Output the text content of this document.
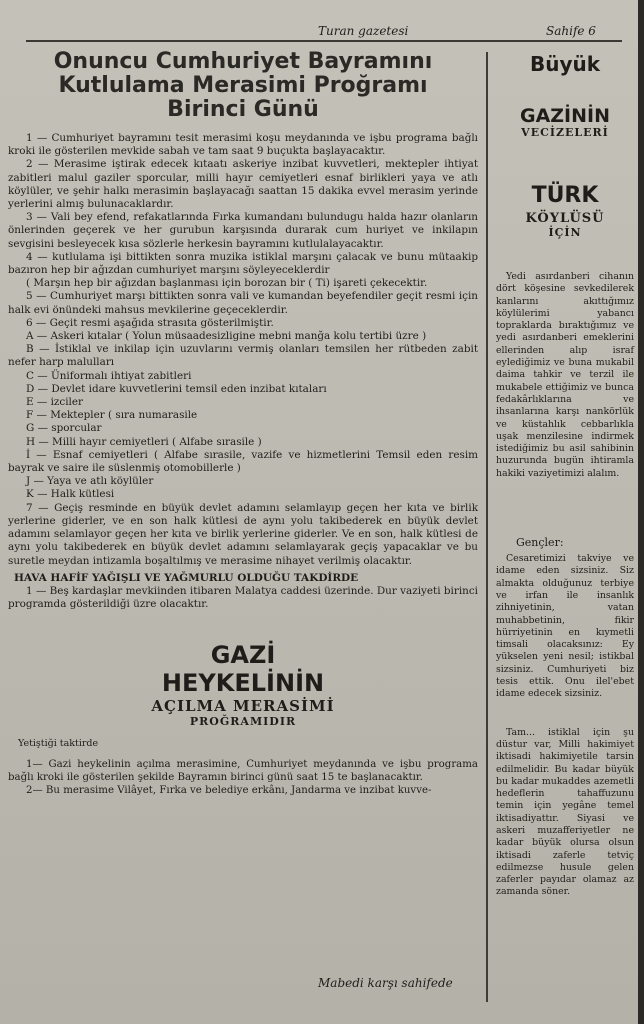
Turan gazetesi	Sahife 6
Onuncu Cumhuriyet Bayramını
Kutlulama Merasimi Proğramı
Birinci Günü

1 — Cumhuriyet bayramını tesit merasimi koşu meydanında ve işbu programa bağlı kroki ile gösterilen mevkide sabah ve tam saat 9 buçukta başlayacaktır.

2 — Merasime iştirak edecek kıtaatı askeriye inzibat kuvvetleri, mektepler ihtiyat zabitleri malul gaziler sporcular, milli hayır cemiyetleri esnaf birlikleri yaya ve atlı köylüler, ve şehir halkı merasimin başlayacağı saattan 15 dakika evvel merasim yerinde yerlerini almış bulunacaklardır.

3 — Vali bey efend, refakatlarında Fırka kumandanı bulundugu halda hazır olanların önlerinden geçerek ve her gurubun karşısında durarak cum huriyet ve inkilapın sevgisini besleyecek kısa sözlerle herkesin bayramını kutlulalayacaktır.

4 — kutlulama işi bittikten sonra muzika istiklal marşını çalacak ve bunu mütaakip bazıron hep bir ağızdan cumhuriyet marşını söyleyeceklerdir

( Marşın hep bir ağızdan başlanması için borozan bir ( Ti) işareti çekecektir.

5 — Cumhuriyet marşı bittikten sonra vali ve kumandan beyefendiler geçit resmi için halk evi önündeki mahsus mevkilerine geçeceklerdir.

6 — Geçit resmi aşağıda strasıta gösterilmiştir.

A — Askeri kıtalar ( Yolun müsaadesizligine mebni manğa kolu tertibi üzre )

B — İstiklal ve inkilap için uzuvlarını vermiş olanları temsilen her rütbeden zabit nefer harp malulları

C — Üniformalı ihtiyat zabitleri

D — Devlet idare kuvvetlerini temsil eden inzibat kıtaları

E — izciler

F — Mektepler ( sıra numarasile

G — sporcular

H — Milli hayır cemiyetleri ( Alfabe sırasile )

İ — Esnaf cemiyetleri ( Alfabe sırasile, vazife ve hizmetlerini Temsil eden resim bayrak ve saire ile süslenmiş otomobillerle )

J — Yaya ve atlı köylüler

K — Halk kütlesi

7 — Geçiş resminde en büyük devlet adamını selamlayıp geçen her kıta ve birlik yerlerine giderler, ve en son halk kütlesi de aynı yolu takibederek en büyük devlet adamını selamlayor geçen her kıta ve birlik yerlerine giderler. Ve en son, halk kütlesi de aynı yolu takibederek en büyük devlet adamını selamlayarak geçiş yapacaklar ve bu suretle meydan intizamla boşaltılmış ve merasime nihayet verilmiş olacaktır.

HAVA HAFİF YAĞIŞLI VE YAĞMURLU OLDUĞU TAKDİRDE

1 — Beş kardaşlar mevkiinden itibaren Malatya caddesi üzerinde. Dur vaziyeti birinci programda gösterildiği üzre olacaktır.

GAZİ
HEYKELİNİN
AÇILMA MERASİMİ
PROĞRAMIDIR

Yetiştiği taktirde

1— Gazi heykelinin açılma merasimine, Cumhuriyet meydanında ve işbu programa bağlı kroki ile gösterilen şekilde Bayramın birinci günü saat 15 te başlanacaktır.

2— Bu merasime Vilâyet, Fırka ve belediye erkânı, Jandarma ve inzibat kuvve-

Mabedi karşı sahifede
Büyük
GAZİNİN
VECİZELERİ
TÜRK
KÖYLÜSÜ
İÇİN

Yedi asırdanberi cihanın dört köşesine sevkedilerek kanlarını akıttığımız köylülerimi yabancı topraklarda bıraktığımız ve yedi asırdanberi emeklerini ellerinden alıp israf eylediğimiz ve buna mukabil daima tahkir ve terzil ile mukabele ettiğimiz ve bunca fedakârlıklarına ve ihsanlarına karşı nankörlük ve küstahlık cebbarlıkla uşak menzilesine indirmek istediğimiz bu asil sahibinin huzurunda bugün ihtiramla hakiki vaziyetimizi alalım.

Gençler:

Cesaretimizi takviye ve idame eden sizsiniz. Siz almakta olduğunuz terbiye ve irfan ile insanlık zihniyetinin, vatan muhabbetinin, fikir hürriyetinin en kıymetli timsali olacaksınız: Ey yükselen yeni nesil; istikbal sizsiniz. Cumhuriyeti biz tesis ettik. Onu ilel'ebet idame edecek sizsiniz.

Tam... istiklal için şu düstur var, Milli hakimiyet iktisadi hakimiyetile tarsin edilmelidir. Bu kadar büyük bu kadar mukaddes azemetli hedeflerin tahaffuzunu temin için yegâne temel iktisadiyattır. Siyasi ve askeri muzafferiyetler ne kadar büyük olursa olsun iktisadi zaferle tetviç edilmezse husule gelen zaferler payıdar olamaz az zamanda söner.
